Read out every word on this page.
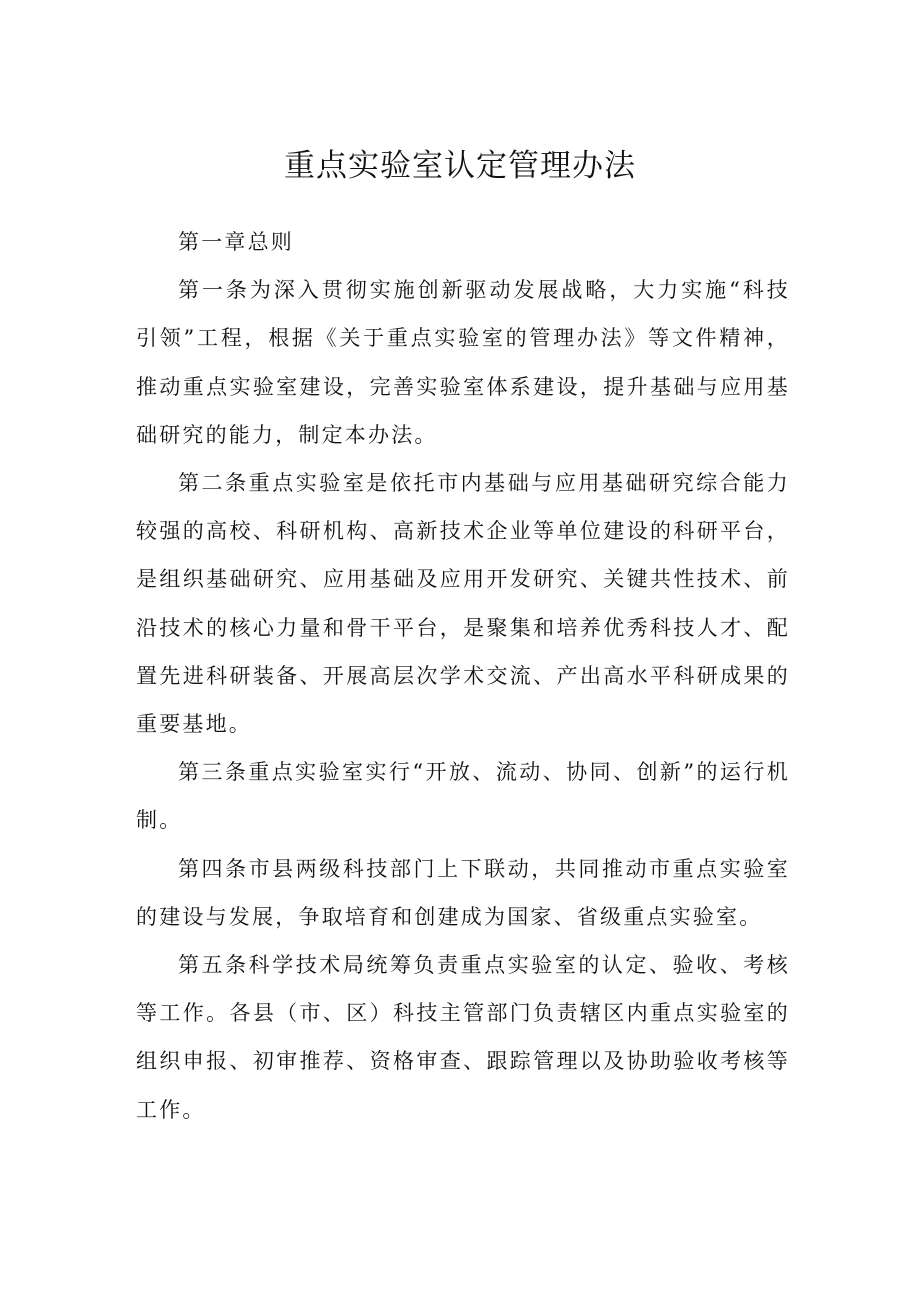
重点实验室认定管理办法

第一章总则

第一条为深入贯彻实施创新驱动发展战略，大力实施“科技引领”工程，根据《关于重点实验室的管理办法》等文件精神，推动重点实验室建设，完善实验室体系建设，提升基础与应用基础研究的能力，制定本办法。

第二条重点实验室是依托市内基础与应用基础研究综合能力较强的高校、科研机构、高新技术企业等单位建设的科研平台，是组织基础研究、应用基础及应用开发研究、关键共性技术、前沿技术的核心力量和骨干平台，是聚集和培养优秀科技人才、配置先进科研装备、开展高层次学术交流、产出高水平科研成果的重要基地。

第三条重点实验室实行“开放、流动、协同、创新”的运行机制。

第四条市县两级科技部门上下联动，共同推动市重点实验室的建设与发展，争取培育和创建成为国家、省级重点实验室。

第五条科学技术局统筹负责重点实验室的认定、验收、考核等工作。各县（市、区）科技主管部门负责辖区内重点实验室的组织申报、初审推荐、资格审查、跟踪管理以及协助验收考核等工作。
